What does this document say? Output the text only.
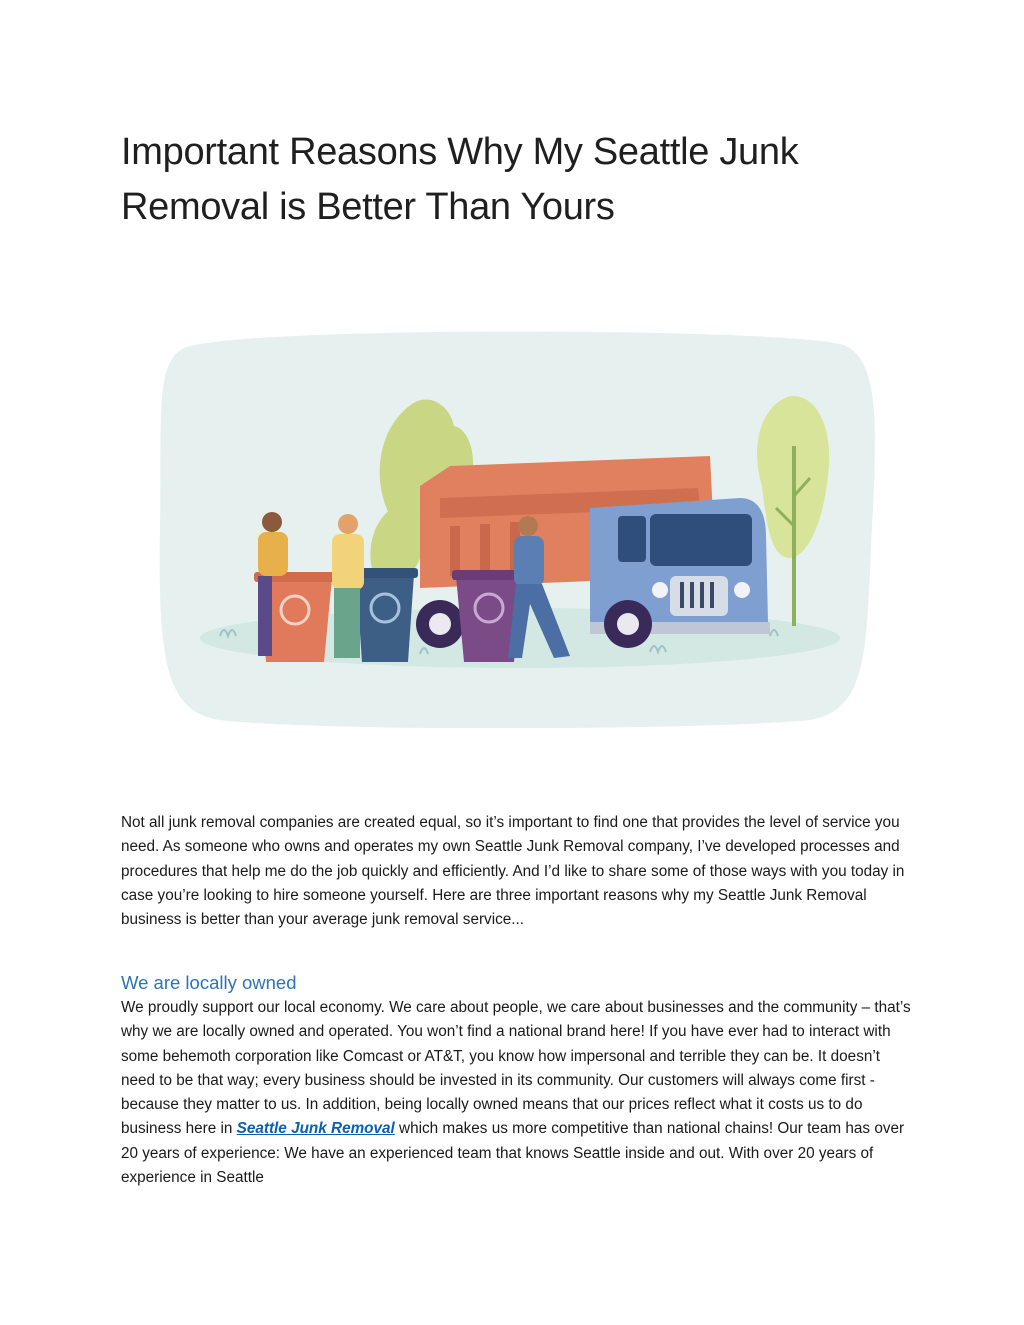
Important Reasons Why My Seattle Junk Removal is Better Than Yours

Not all junk removal companies are created equal, so it’s important to find one that provides the level of service you need. As someone who owns and operates my own Seattle Junk Removal company, I’ve developed processes and procedures that help me do the job quickly and efficiently. And I’d like to share some of those ways with you today in case you’re looking to hire someone yourself. Here are three important reasons why my Seattle Junk Removal business is better than your average junk removal service...

We are locally owned

We proudly support our local economy. We care about people, we care about businesses and the community – that’s why we are locally owned and operated. You won’t find a national brand here! If you have ever had to interact with some behemoth corporation like Comcast or AT&T, you know how impersonal and terrible they can be. It doesn’t need to be that way; every business should be invested in its community. Our customers will always come first - because they matter to us. In addition, being locally owned means that our prices reflect what it costs us to do business here in Seattle Junk Removal which makes us more competitive than national chains! Our team has over 20 years of experience: We have an experienced team that knows Seattle inside and out. With over 20 years of experience in Seattle
